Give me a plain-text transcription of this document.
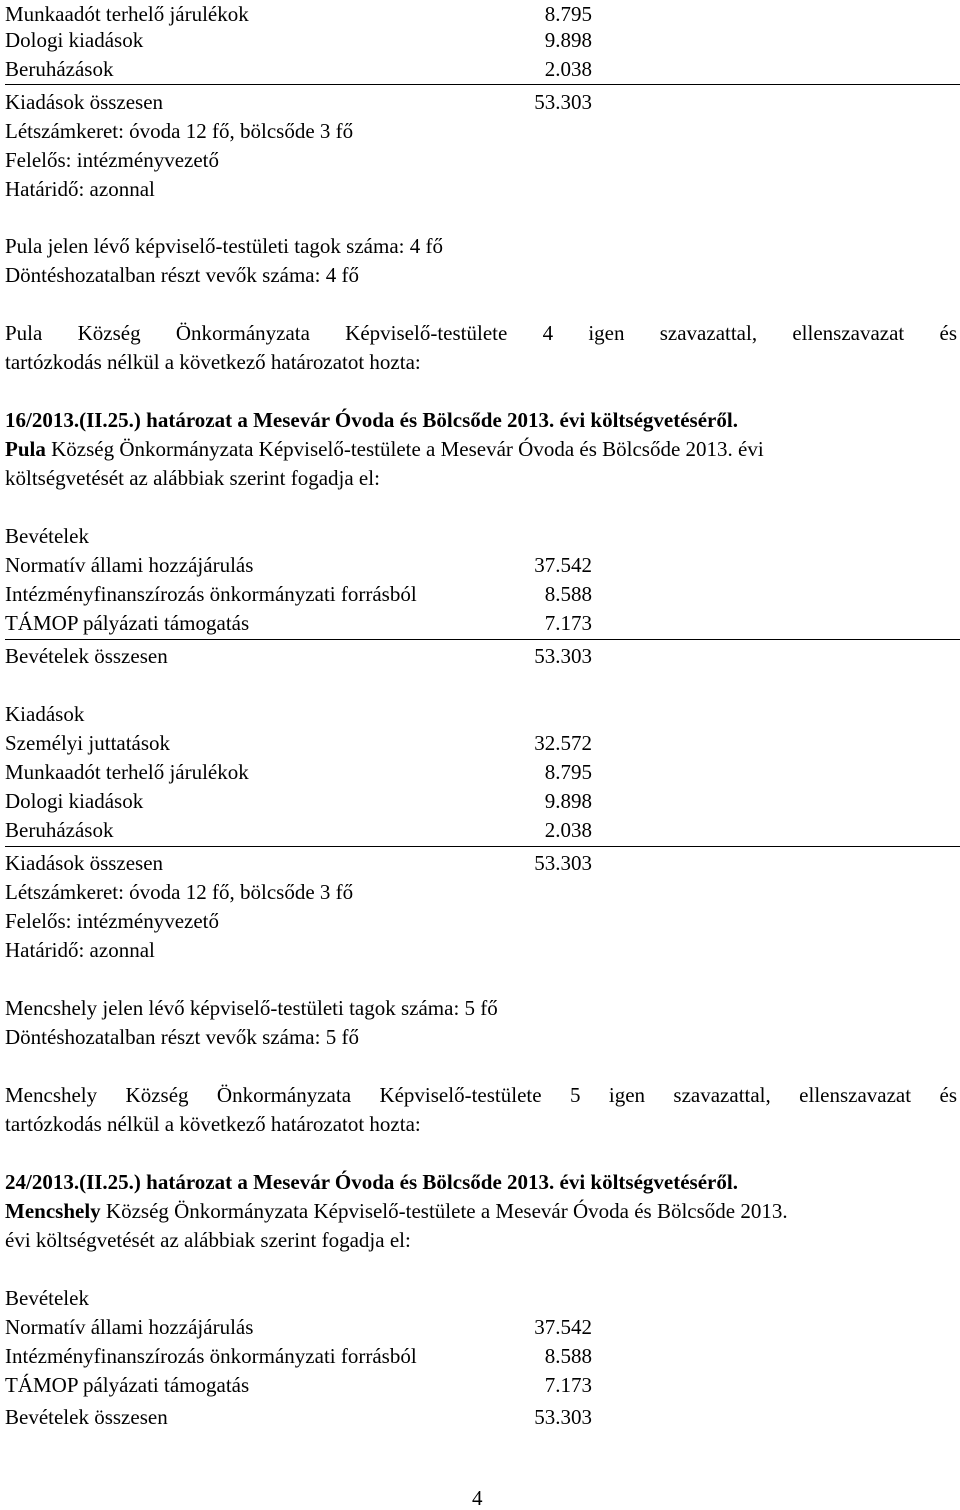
Munkaadót terhelő járulékok	8.795
Dologi kiadások	9.898
Beruházások	2.038
Kiadások összesen	53.303
Létszámkeret: óvoda 12 fő, bölcsőde 3 fő
Felelős: intézményvezető
Határidő: azonnal
Pula jelen lévő képviselő-testületi tagok száma: 4 fő
Döntéshozatalban részt vevők száma: 4 fő
Pula Község Önkormányzata Képviselő-testülete 4 igen szavazattal, ellenszavazat és
tartózkodás nélkül a következő határozatot hozta:
16/2013.(II.25.) határozat a Mesevár Óvoda és Bölcsőde 2013. évi költségvetéséről.
Pula Község Önkormányzata Képviselő-testülete a Mesevár Óvoda és Bölcsőde 2013. évi
költségvetését az alábbiak szerint fogadja el:
Bevételek
Normatív állami hozzájárulás	37.542
Intézményfinanszírozás önkormányzati forrásból	8.588
TÁMOP pályázati támogatás	7.173
Bevételek összesen	53.303
Kiadások
Személyi juttatások	32.572
Munkaadót terhelő járulékok	8.795
Dologi kiadások	9.898
Beruházások	2.038
Kiadások összesen	53.303
Létszámkeret: óvoda 12 fő, bölcsőde 3 fő
Felelős: intézményvezető
Határidő: azonnal
Mencshely jelen lévő képviselő-testületi tagok száma: 5 fő
Döntéshozatalban részt vevők száma: 5 fő
Mencshely Község Önkormányzata Képviselő-testülete 5 igen szavazattal, ellenszavazat és
tartózkodás nélkül a következő határozatot hozta:
24/2013.(II.25.) határozat a Mesevár Óvoda és Bölcsőde 2013. évi költségvetéséről.
Mencshely Község Önkormányzata Képviselő-testülete a Mesevár Óvoda és Bölcsőde 2013.
évi költségvetését az alábbiak szerint fogadja el:
Bevételek
Normatív állami hozzájárulás	37.542
Intézményfinanszírozás önkormányzati forrásból	8.588
TÁMOP pályázati támogatás	7.173
Bevételek összesen	53.303
4
